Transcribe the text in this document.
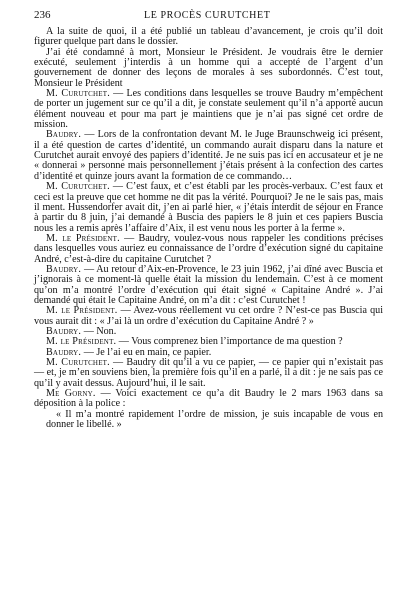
236	LE PROCÈS CURUTCHET

A la suite de quoi, il a été publié un tableau d’avancement, je crois qu’il doit figurer quelque part dans le dossier.

J’ai été condamné à mort, Monsieur le Président. Je voudrais être le dernier exécuté, seulement j’interdis à un homme qui a accepté de l’argent d’un gouvernement de donner des leçons de morales à ses subordonnés. C’est tout, Monsieur le Président

M. Curutchet. — Les conditions dans lesquelles se trouve Baudry m’empêchent de porter un jugement sur ce qu’il a dit, je constate seulement qu’il n’a apporté aucun élément nouveau et pour ma part je maintiens que je n’ai pas signé cet ordre de mission.

Baudry. — Lors de la confrontation devant M. le Juge Braunschweig ici présent, il a été question de cartes d’identité, un commando aurait disparu dans la nature et Curutchet aurait envoyé des papiers d’identité. Je ne suis pas ici en accusateur et je ne « donnerai » personne mais personnellement j’étais présent à la confection des cartes d’identité et quinze jours avant la formation de ce commando…

M. Curutchet. — C’est faux, et c’est établi par les procès-verbaux. C’est faux et ceci est la preuve que cet homme ne dit pas la vérité. Pourquoi? Je ne le sais pas, mais il ment. Hussendorfer avait dit, j’en ai parlé hier, « j’étais interdit de séjour en France à partir du 8 juin, j’ai demandé à Buscia des papiers le 8 juin et ces papiers Buscia nous les a remis après l’affaire d’Aix, il est venu nous les porter à la ferme ».

M. le Président. — Baudry, voulez-vous nous rappeler les conditions précises dans lesquelles vous auriez eu connaissance de l’ordre d’exécution signé du capitaine André, c’est-à-dire du capitaine Curutchet ?

Baudry. — Au retour d’Aix-en-Provence, le 23 juin 1962, j’ai dîné avec Buscia et j’ignorais à ce moment-là quelle était la mission du lendemain. C’est à ce moment qu’on m’a montré l’ordre d’exécution qui était signé « Capitaine André ». J’ai demandé qui était le Capitaine André, on m’a dit : c’est Curutchet !

M. le Président. — Avez-vous réellement vu cet ordre ? N’est-ce pas Buscia qui vous aurait dit : « J’ai là un ordre d’exécution du Capitaine André ? »

Baudry. — Non.

M. le Président. — Vous comprenez bien l’importance de ma question ?

Baudry. — Je l’ai eu en main, ce papier.

M. Curutchet. — Baudry dit qu’il a vu ce papier, — ce papier qui n’existait pas — et, je m’en souviens bien, la première fois qu’il en a parlé, il a dit : je ne sais pas ce qu’il y avait dessus. Aujourd’hui, il le sait.

Me Gorny. — Voici exactement ce qu’a dit Baudry le 2 mars 1963 dans sa déposition à la police :

« Il m’a montré rapidement l’ordre de mission, je suis incapable de vous en donner le libellé. »
